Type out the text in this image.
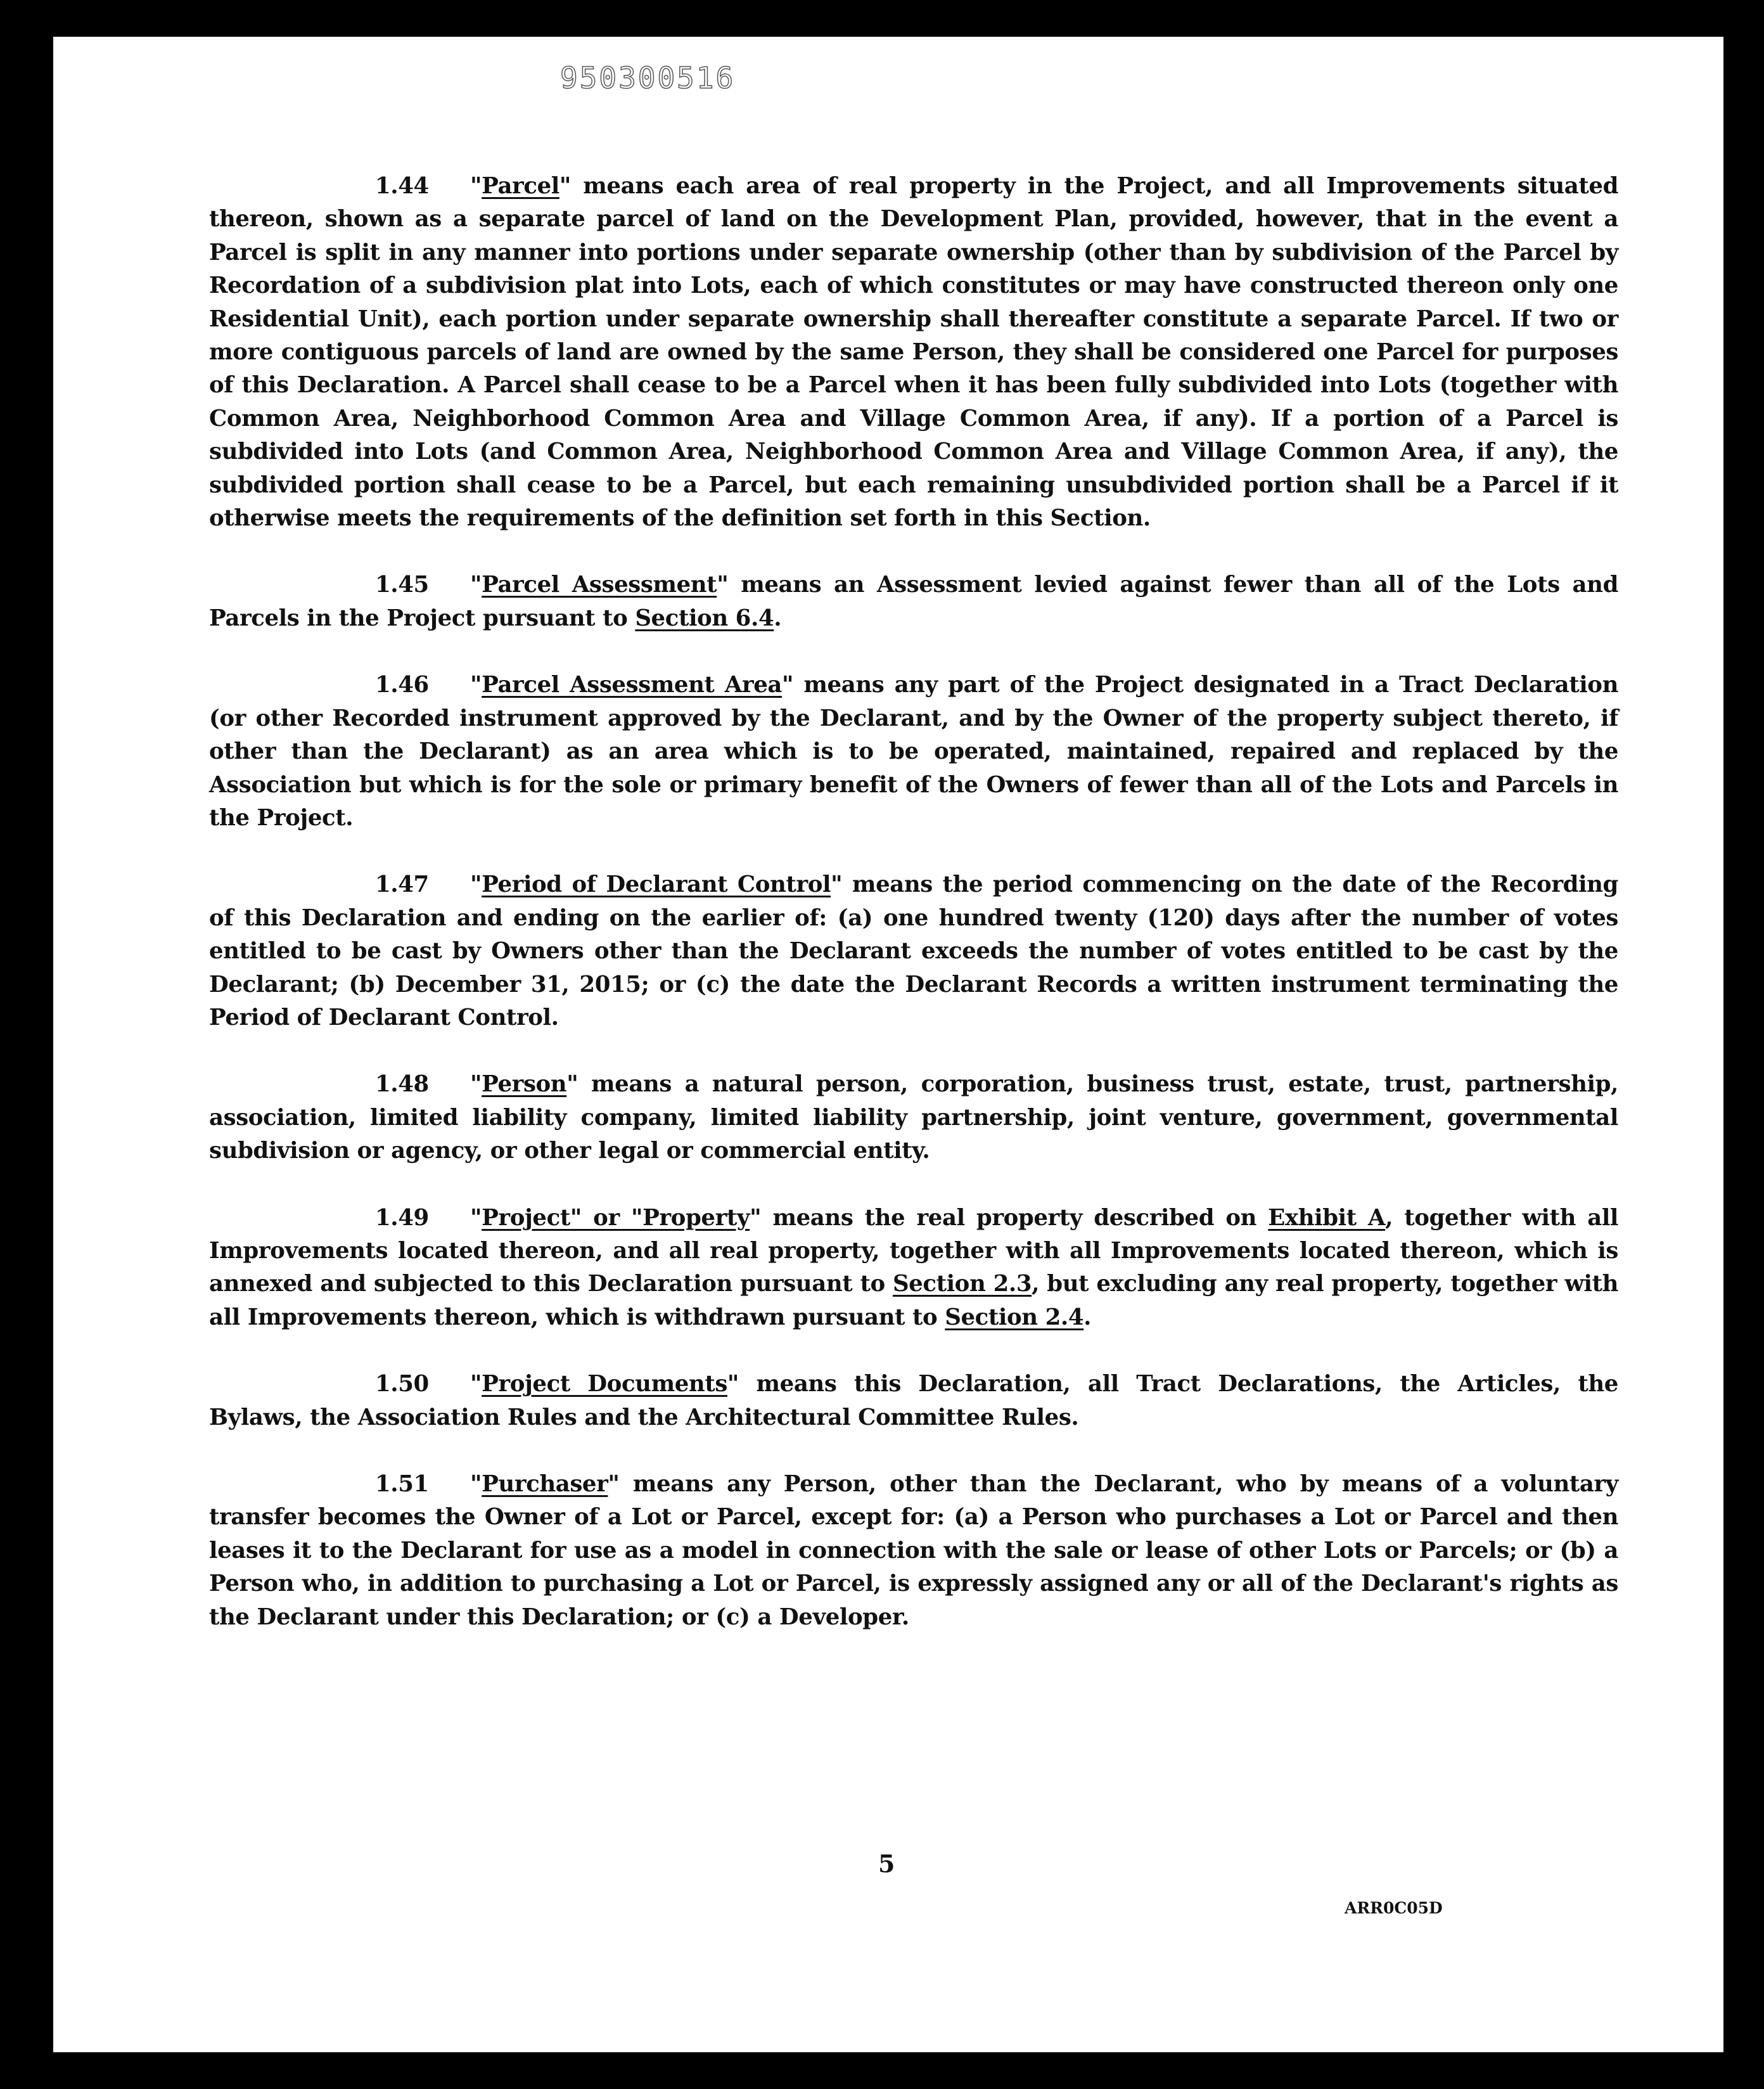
950300516

1.44 "Parcel" means each area of real property in the Project, and all Improvements situated thereon, shown as a separate parcel of land on the Development Plan, provided, however, that in the event a Parcel is split in any manner into portions under separate ownership (other than by subdivision of the Parcel by Recordation of a subdivision plat into Lots, each of which constitutes or may have constructed thereon only one Residential Unit), each portion under separate ownership shall thereafter constitute a separate Parcel. If two or more contiguous parcels of land are owned by the same Person, they shall be considered one Parcel for purposes of this Declaration. A Parcel shall cease to be a Parcel when it has been fully subdivided into Lots (together with Common Area, Neighborhood Common Area and Village Common Area, if any). If a portion of a Parcel is subdivided into Lots (and Common Area, Neighborhood Common Area and Village Common Area, if any), the subdivided portion shall cease to be a Parcel, but each remaining unsubdivided portion shall be a Parcel if it otherwise meets the requirements of the definition set forth in this Section.

1.45 "Parcel Assessment" means an Assessment levied against fewer than all of the Lots and Parcels in the Project pursuant to Section 6.4.

1.46 "Parcel Assessment Area" means any part of the Project designated in a Tract Declaration (or other Recorded instrument approved by the Declarant, and by the Owner of the property subject thereto, if other than the Declarant) as an area which is to be operated, maintained, repaired and replaced by the Association but which is for the sole or primary benefit of the Owners of fewer than all of the Lots and Parcels in the Project.

1.47 "Period of Declarant Control" means the period commencing on the date of the Recording of this Declaration and ending on the earlier of: (a) one hundred twenty (120) days after the number of votes entitled to be cast by Owners other than the Declarant exceeds the number of votes entitled to be cast by the Declarant; (b) December 31, 2015; or (c) the date the Declarant Records a written instrument terminating the Period of Declarant Control.

1.48 "Person" means a natural person, corporation, business trust, estate, trust, partnership, association, limited liability company, limited liability partnership, joint venture, government, governmental subdivision or agency, or other legal or commercial entity.

1.49 "Project" or "Property" means the real property described on Exhibit A, together with all Improvements located thereon, and all real property, together with all Improvements located thereon, which is annexed and subjected to this Declaration pursuant to Section 2.3, but excluding any real property, together with all Improvements thereon, which is withdrawn pursuant to Section 2.4.

1.50 "Project Documents" means this Declaration, all Tract Declarations, the Articles, the Bylaws, the Association Rules and the Architectural Committee Rules.

1.51 "Purchaser" means any Person, other than the Declarant, who by means of a voluntary transfer becomes the Owner of a Lot or Parcel, except for: (a) a Person who purchases a Lot or Parcel and then leases it to the Declarant for use as a model in connection with the sale or lease of other Lots or Parcels; or (b) a Person who, in addition to purchasing a Lot or Parcel, is expressly assigned any or all of the Declarant's rights as the Declarant under this Declaration; or (c) a Developer.

5
ARR0C05D
